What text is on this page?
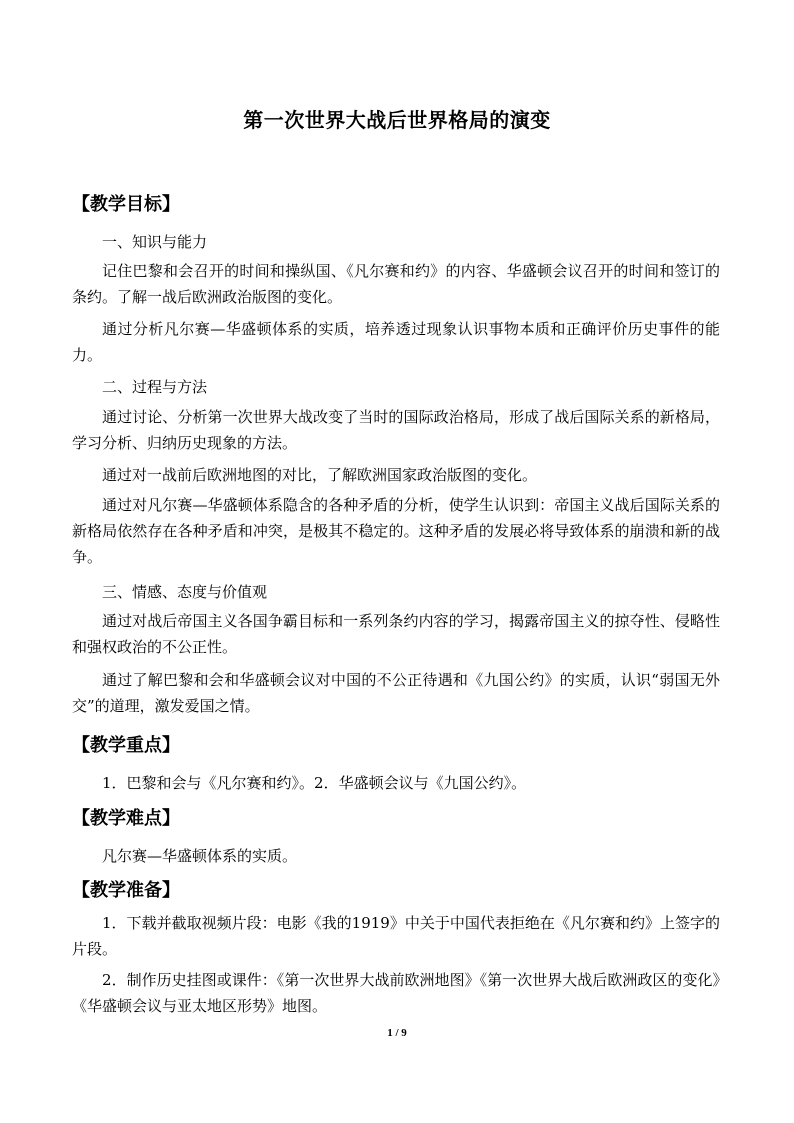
第一次世界大战后世界格局的演变
【教学目标】
一、知识与能力
记住巴黎和会召开的时间和操纵国、《凡尔赛和约》的内容、华盛顿会议召开的时间和签订的条约。了解一战后欧洲政治版图的变化。
通过分析凡尔赛—华盛顿体系的实质，培养透过现象认识事物本质和正确评价历史事件的能力。
二、过程与方法
通过讨论、分析第一次世界大战改变了当时的国际政治格局，形成了战后国际关系的新格局，学习分析、归纳历史现象的方法。
通过对一战前后欧洲地图的对比，了解欧洲国家政治版图的变化。
通过对凡尔赛—华盛顿体系隐含的各种矛盾的分析，使学生认识到：帝国主义战后国际关系的新格局依然存在各种矛盾和冲突，是极其不稳定的。这种矛盾的发展必将导致体系的崩溃和新的战争。
三、情感、态度与价值观
通过对战后帝国主义各国争霸目标和一系列条约内容的学习，揭露帝国主义的掠夺性、侵略性和强权政治的不公正性。
通过了解巴黎和会和华盛顿会议对中国的不公正待遇和《九国公约》的实质，认识“弱国无外交”的道理，激发爱国之情。
【教学重点】
1．巴黎和会与《凡尔赛和约》。2．华盛顿会议与《九国公约》。
【教学难点】
凡尔赛—华盛顿体系的实质。
【教学准备】
1．下载并截取视频片段：电影《我的1919》中关于中国代表拒绝在《凡尔赛和约》上签字的片段。
2．制作历史挂图或课件：《第一次世界大战前欧洲地图》《第一次世界大战后欧洲政区的变化》《华盛顿会议与亚太地区形势》地图。
1 / 9
